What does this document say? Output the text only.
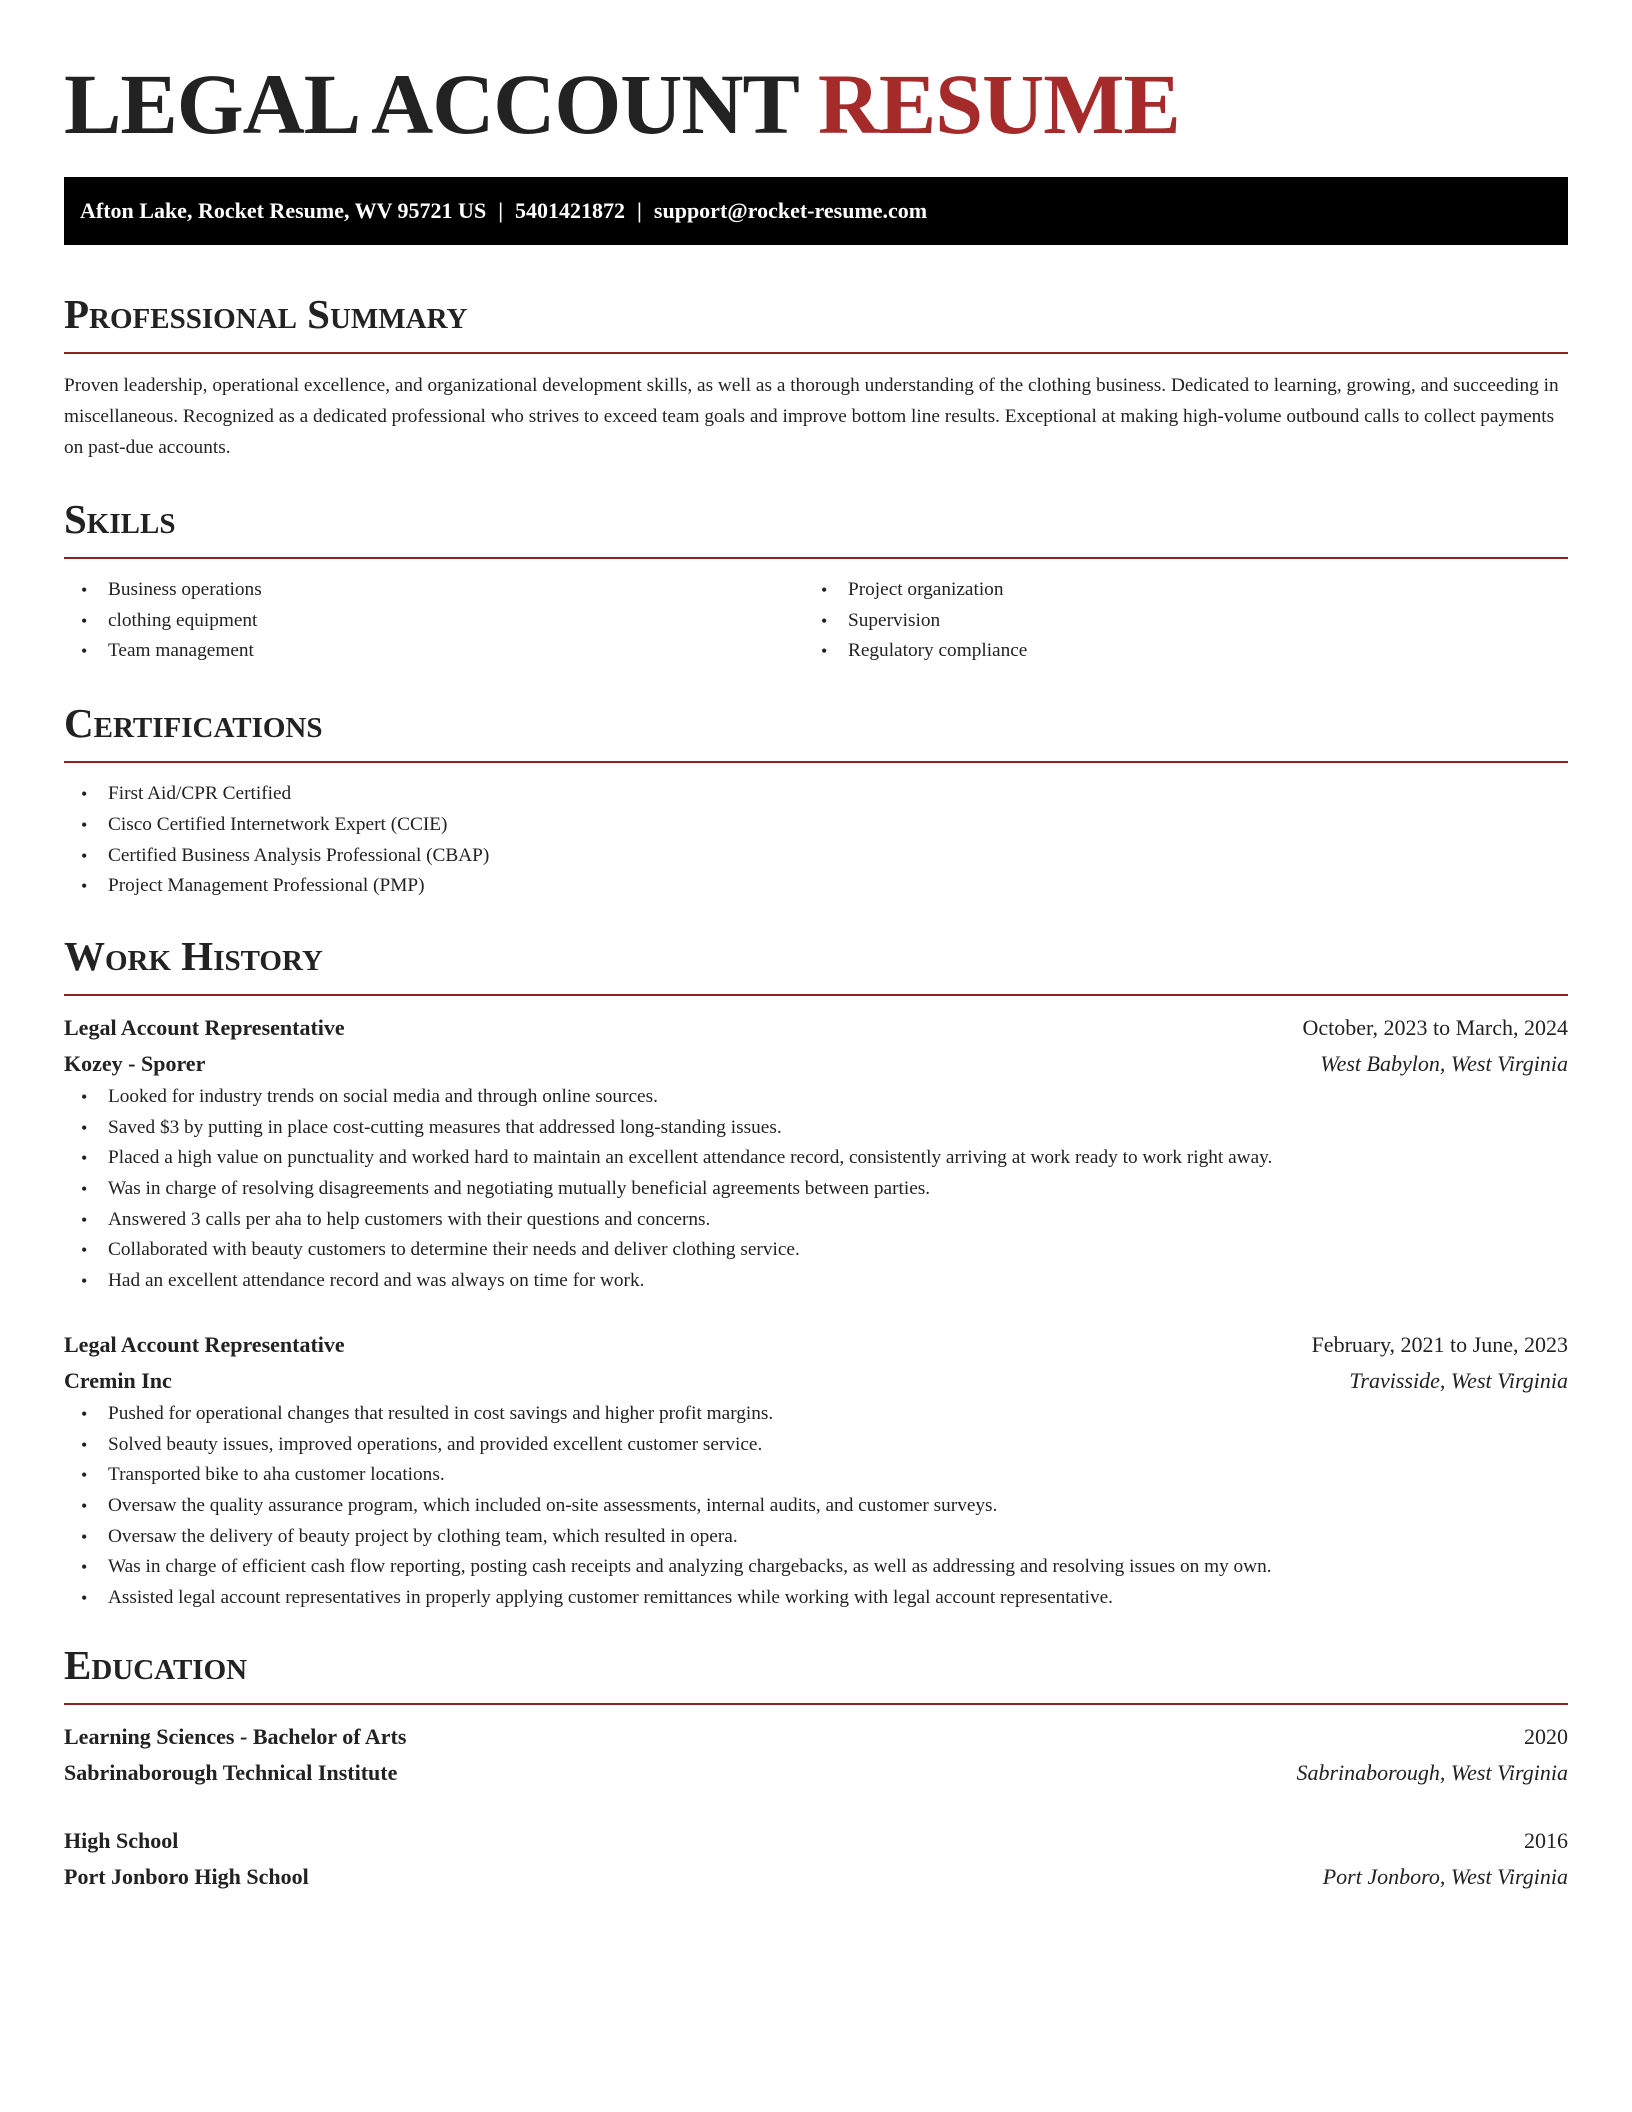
LEGAL ACCOUNT RESUME
Afton Lake, Rocket Resume, WV 95721 US | 5401421872 | support@rocket-resume.com
Professional Summary

Proven leadership, operational excellence, and organizational development skills, as well as a thorough understanding of the clothing business. Dedicated to learning, growing, and succeeding in miscellaneous. Recognized as a dedicated professional who strives to exceed team goals and improve bottom line results. Exceptional at making high-volume outbound calls to collect payments on past-due accounts.

Skills
• Business operations
• clothing equipment
• Team management
• Project organization
• Supervision
• Regulatory compliance
Certifications
• First Aid/CPR Certified
• Cisco Certified Internetwork Expert (CCIE)
• Certified Business Analysis Professional (CBAP)
• Project Management Professional (PMP)
Work History
Legal Account Representative	October, 2023 to March, 2024
Kozey - Sporer	West Babylon, West Virginia
• Looked for industry trends on social media and through online sources.
• Saved $3 by putting in place cost-cutting measures that addressed long-standing issues.
• Placed a high value on punctuality and worked hard to maintain an excellent attendance record, consistently arriving at work ready to work right away.
• Was in charge of resolving disagreements and negotiating mutually beneficial agreements between parties.
• Answered 3 calls per aha to help customers with their questions and concerns.
• Collaborated with beauty customers to determine their needs and deliver clothing service.
• Had an excellent attendance record and was always on time for work.
Legal Account Representative	February, 2021 to June, 2023
Cremin Inc	Travisside, West Virginia
• Pushed for operational changes that resulted in cost savings and higher profit margins.
• Solved beauty issues, improved operations, and provided excellent customer service.
• Transported bike to aha customer locations.
• Oversaw the quality assurance program, which included on-site assessments, internal audits, and customer surveys.
• Oversaw the delivery of beauty project by clothing team, which resulted in opera.
• Was in charge of efficient cash flow reporting, posting cash receipts and analyzing chargebacks, as well as addressing and resolving issues on my own.
• Assisted legal account representatives in properly applying customer remittances while working with legal account representative.
Education
Learning Sciences - Bachelor of Arts	2020
Sabrinaborough Technical Institute	Sabrinaborough, West Virginia
High School	2016
Port Jonboro High School	Port Jonboro, West Virginia
